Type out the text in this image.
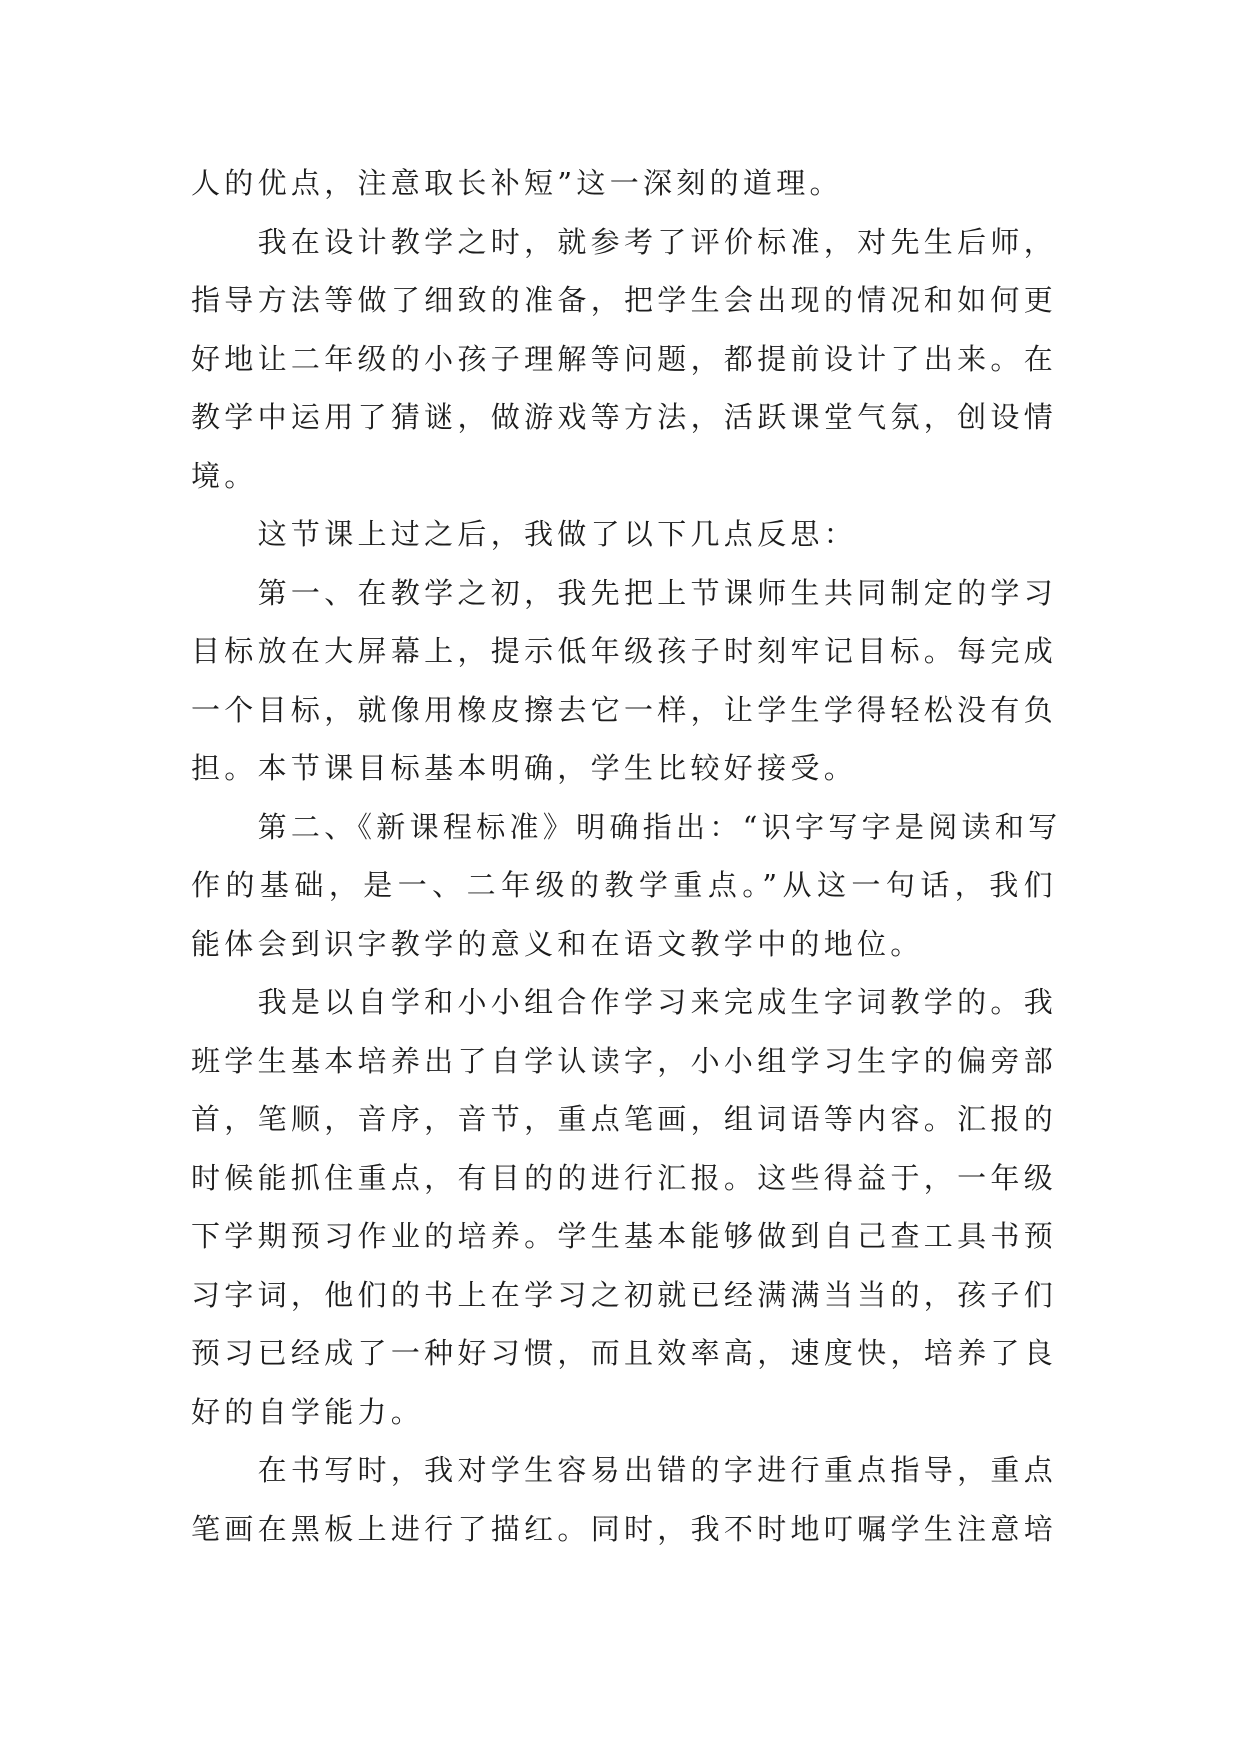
人的优点，注意取长补短”这一深刻的道理。
我在设计教学之时，就参考了评价标准，对先生后师，
指导方法等做了细致的准备，把学生会出现的情况和如何更
好地让二年级的小孩子理解等问题，都提前设计了出来。在
教学中运用了猜谜，做游戏等方法，活跃课堂气氛，创设情
境。
这节课上过之后，我做了以下几点反思：
第一、在教学之初，我先把上节课师生共同制定的学习
目标放在大屏幕上，提示低年级孩子时刻牢记目标。每完成
一个目标，就像用橡皮擦去它一样，让学生学得轻松没有负
担。本节课目标基本明确，学生比较好接受。
第二、《新课程标准》明确指出：“识字写字是阅读和写
作的基础，是一、二年级的教学重点。”从这一句话，我们
能体会到识字教学的意义和在语文教学中的地位。
我是以自学和小小组合作学习来完成生字词教学的。我
班学生基本培养出了自学认读字，小小组学习生字的偏旁部
首，笔顺，音序，音节，重点笔画，组词语等内容。汇报的
时候能抓住重点，有目的的进行汇报。这些得益于，一年级
下学期预习作业的培养。学生基本能够做到自己查工具书预
习字词，他们的书上在学习之初就已经满满当当的，孩子们
预习已经成了一种好习惯，而且效率高，速度快，培养了良
好的自学能力。
在书写时，我对学生容易出错的字进行重点指导，重点
笔画在黑板上进行了描红。同时，我不时地叮嘱学生注意培
